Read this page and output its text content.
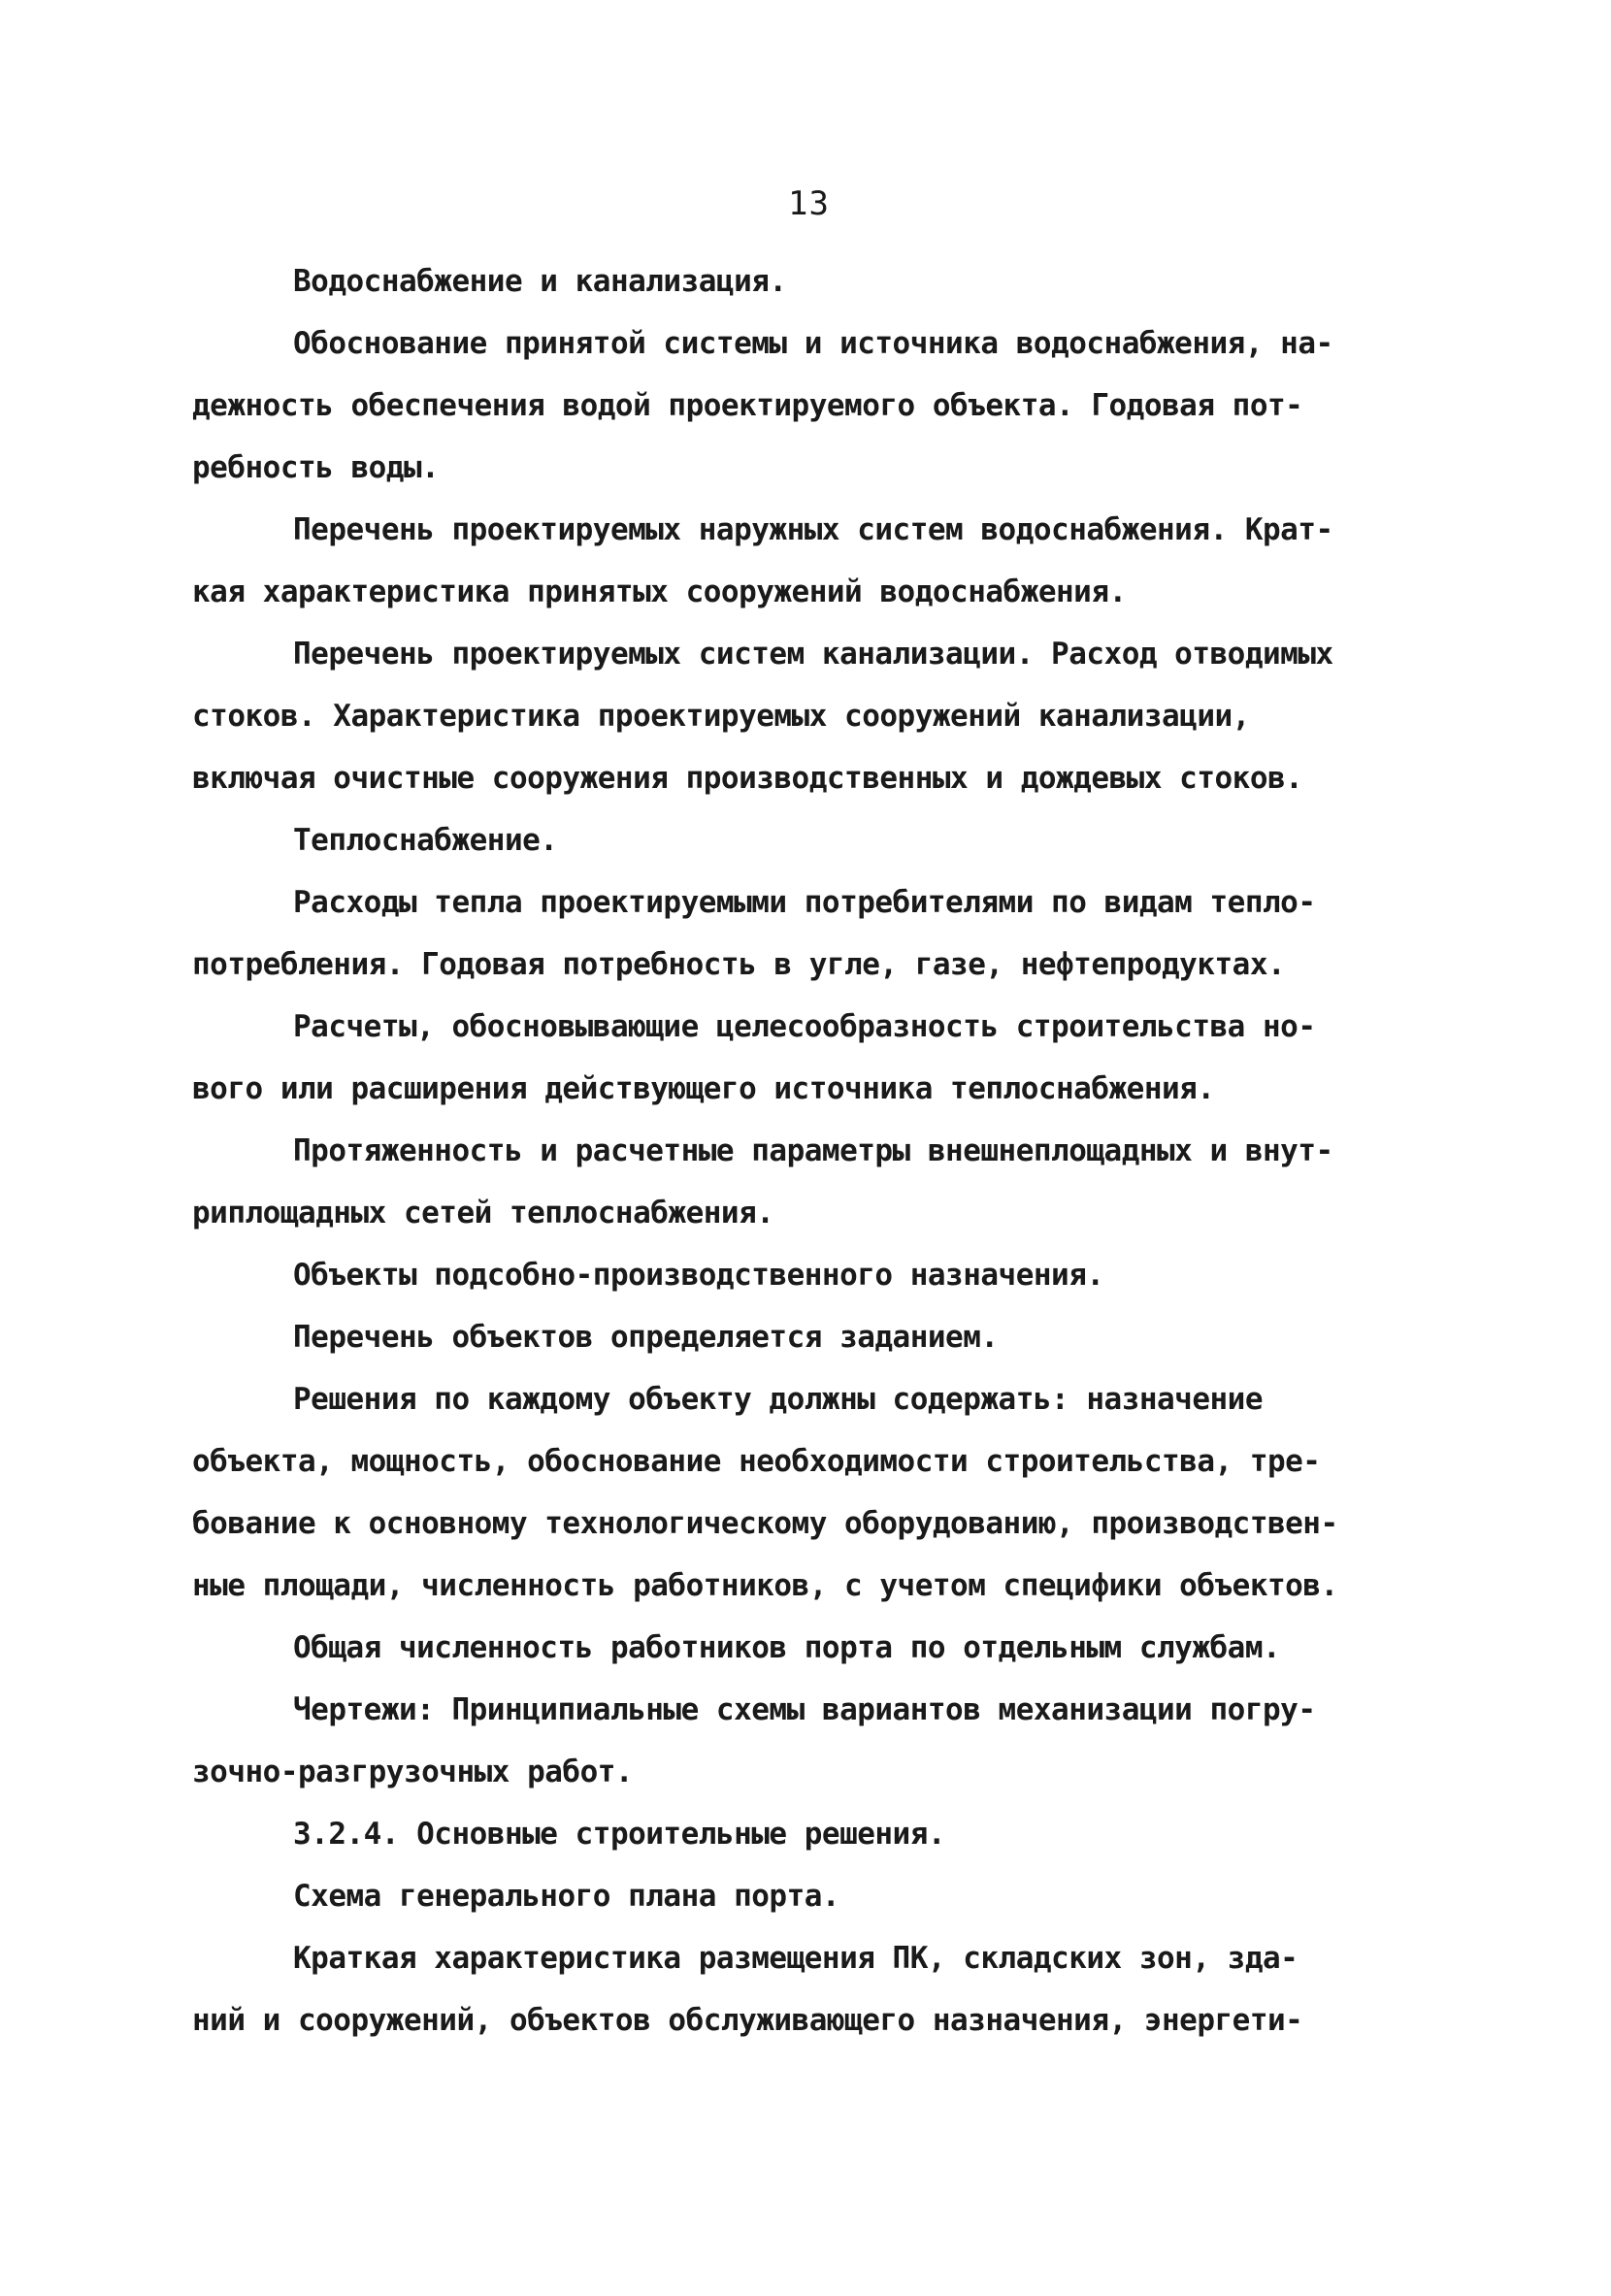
13
Водоснабжение и канализация.
Обоснование принятой системы и источника водоснабжения, на-
дежность обеспечения водой проектируемого объекта. Годовая пот-
ребность воды.
Перечень проектируемых наружных систем водоснабжения. Крат-
кая характеристика принятых сооружений водоснабжения.
Перечень проектируемых систем канализации. Расход отводимых
стоков. Характеристика проектируемых сооружений канализации,
включая очистные сооружения производственных и дождевых стоков.
Теплоснабжение.
Расходы тепла проектируемыми потребителями по видам тепло-
потребления. Годовая потребность в угле, газе, нефтепродуктах.
Расчеты, обосновывающие целесообразность строительства но-
вого или расширения действующего источника теплоснабжения.
Протяженность и расчетные параметры внешнеплощадных и внут-
риплощадных сетей теплоснабжения.
Объекты подсобно-производственного назначения.
Перечень объектов определяется заданием.
Решения по каждому объекту должны содержать: назначение
объекта, мощность, обоснование необходимости строительства, тре-
бование к основному технологическому оборудованию, производствен-
ные площади, численность работников, с учетом специфики объектов.
Общая численность работников порта по отдельным службам.
Чертежи: Принципиальные схемы вариантов механизации погру-
зочно-разгрузочных работ.
3.2.4. Основные строительные решения.
Схема генерального плана порта.
Краткая характеристика размещения ПК, складских зон, зда-
ний и сооружений, объектов обслуживающего назначения, энергети-
